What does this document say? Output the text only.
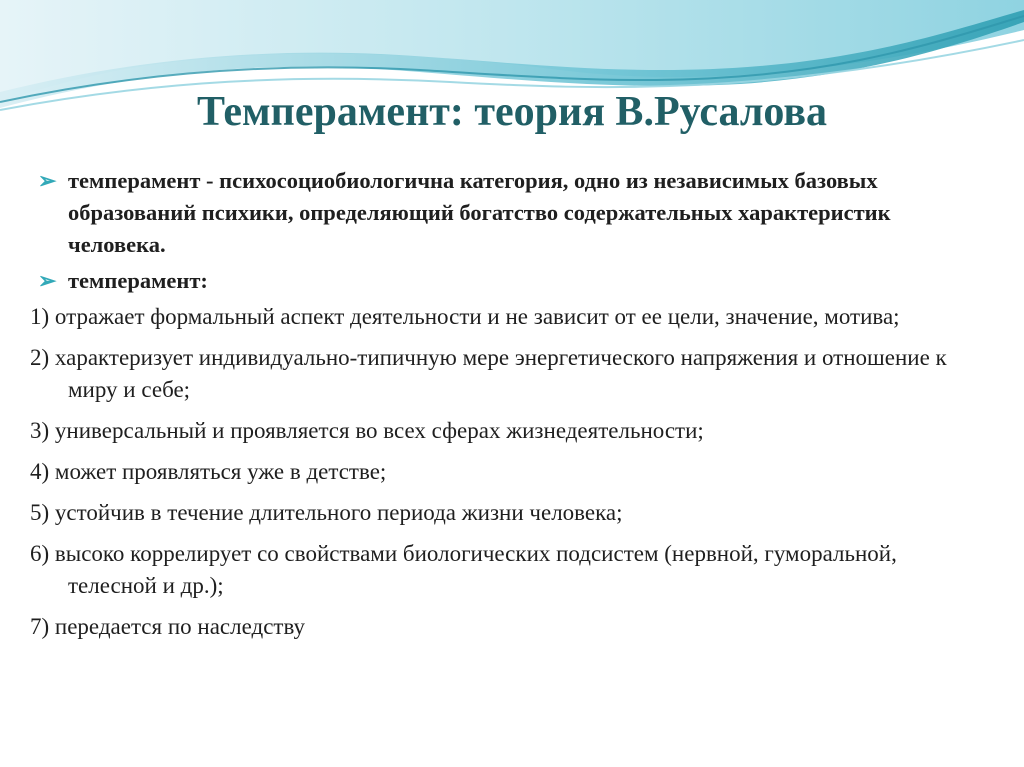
Темперамент: теория В.Русалова
➢ темперамент - психосоциобиологична категория, одно из независимых базовых образований психики, определяющий богатство содержательных характеристик человека.
➢ темперамент:
1) отражает формальный аспект деятельности и не зависит от ее цели, значение, мотива;
2) характеризует индивидуально-типичную мере энергетического напряжения и отношение к миру и себе;
3) универсальный и проявляется во всех сферах жизнедеятельности;
4) может проявляться уже в детстве;
5) устойчив в течение длительного периода жизни человека;
6) высоко коррелирует со свойствами биологических подсистем (нервной, гуморальной, телесной и др.);
7) передается по наследству
